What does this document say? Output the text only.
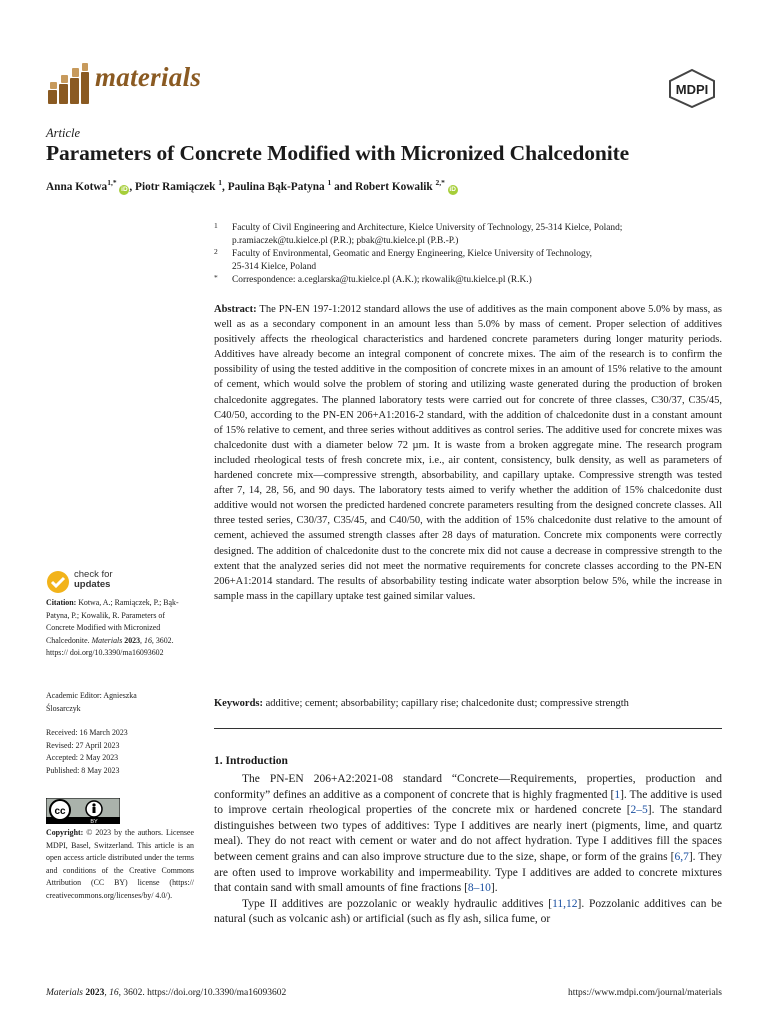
materials	MDPI
Article
Parameters of Concrete Modified with Micronized Chalcedonite
Anna Kotwa$^{1,*}$ iD , Piotr Ramiączek $^1$, Paulina Bąk-Patyna $^1$ and Robert Kowalik $^{2,*}$ iD
1 Faculty of Civil Engineering and Architecture, Kielce University of Technology, 25-314 Kielce, Poland;
p.ramiaczek@tu.kielce.pl (P.R.); pbak@tu.kielce.pl (P.B.-P.)
2 Faculty of Environmental, Geomatic and Energy Engineering, Kielce University of Technology,
25-314 Kielce, Poland
* Correspondence: a.ceglarska@tu.kielce.pl (A.K.); rkowalik@tu.kielce.pl (R.K.)
Abstract: The PN-EN 197-1:2012 standard allows the use of additives as the main component above 5.0% by mass, as well as as a secondary component in an amount less than 5.0% by mass of cement. Proper selection of additives positively affects the rheological characteristics and hardened concrete parameters during longer maturity periods. Additives have already become an integral component of concrete mixes. The aim of the research is to confirm the possibility of using the tested additive in the composition of concrete mixes in an amount of 15% relative to the amount of cement, which would solve the problem of storing and utilizing waste generated during the production of broken chalcedonite aggregates. The planned laboratory tests were carried out for concrete of three classes, C30/37, C35/45, C40/50, according to the PN-EN 206+A1:2016-2 standard, with the addition of chalcedonite dust in a constant amount of 15% relative to cement, and three series without additives as control series. The additive used for concrete mixes was chalcedonite dust with a diameter below 72 µm. It is waste from a broken aggregate mine. The research program included rheological tests of fresh concrete mix, i.e., air content, consistency, bulk density, as well as parameters of hardened concrete mix—compressive strength, absorbability, and capillary uptake. Compressive strength was tested after 7, 14, 28, 56, and 90 days. The laboratory tests aimed to verify whether the addition of 15% chalcedonite dust additive would not worsen the predicted hardened concrete parameters resulting from the designed concrete classes. All three tested series, C30/37, C35/45, and C40/50, with the addition of 15% chalcedonite dust relative to the amount of cement, achieved the assumed strength classes after 28 days of maturation. Concrete mix components were correctly designed. The addition of chalcedonite dust to the concrete mix did not cause a decrease in compressive strength to the extent that the analyzed series did not meet the normative requirements for concrete classes according to the PN-EN 206+A1:2014 standard. The results of absorbability testing indicate water absorption below 5%, while the increase in sample mass in the capillary uptake test gained similar values.
Keywords: additive; cement; absorbability; capillary rise; chalcedonite dust; compressive strength
1. Introduction

The PN-EN 206+A2:2021-08 standard “Concrete—Requirements, properties, production and conformity” defines an additive as a component of concrete that is highly fragmented [1]. The additive is used to improve certain rheological properties of the concrete mix or hardened concrete [2–5]. The standard distinguishes between two types of additives: Type I additives are nearly inert (pigments, lime, and quartz meal). They do not react with cement or water and do not affect hydration. Type I additives fill the spaces between cement grains and can also improve structure due to the size, shape, or form of the grains [6,7]. They are often used to improve workability and impermeability. Type I additives are added to concrete mixtures that contain sand with small amounts of fine fractions [8–10].

Type II additives are pozzolanic or weakly hydraulic additives [11,12]. Pozzolanic additives can be natural (such as volcanic ash) or artificial (such as fly ash, silica fume, or

check for
updates
Citation: Kotwa, A.; Ramiączek, P.; Bąk-Patyna, P.; Kowalik, R. Parameters of Concrete Modified with Micronized Chalcedonite. Materials 2023, 16, 3602. https:// doi.org/10.3390/ma16093602
Academic Editor: Agnieszka
Ślosarczyk
Received: 16 March 2023
Revised: 27 April 2023
Accepted: 2 May 2023
Published: 8 May 2023
cc
BY
Copyright: © 2023 by the authors. Licensee MDPI, Basel, Switzerland. This article is an open access article distributed under the terms and conditions of the Creative Commons Attribution (CC BY) license (https:// creativecommons.org/licenses/by/ 4.0/).
Materials 2023, 16, 3602. https://doi.org/10.3390/ma16093602	https://www.mdpi.com/journal/materials
